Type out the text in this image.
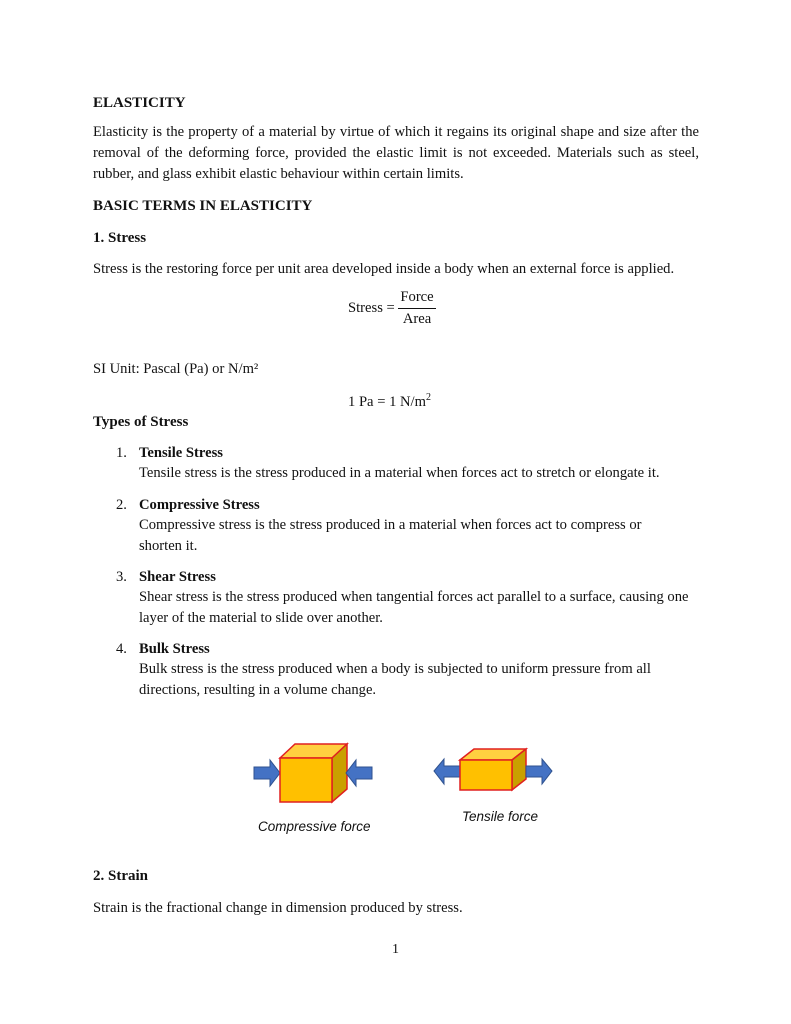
ELASTICITY
Elasticity is the property of a material by virtue of which it regains its original shape and size after the removal of the deforming force, provided the elastic limit is not exceeded. Materials such as steel, rubber, and glass exhibit elastic behaviour within certain limits.
BASIC TERMS IN ELASTICITY
1. Stress
Stress is the restoring force per unit area developed inside a body when an external force is applied.
Stress = $\frac{\text{Force}}{\text{Area}}$
SI Unit: Pascal (Pa) or N/m²
1 Pa = 1 $N/m^2$
Types of Stress
1. Tensile Stress
Tensile stress is the stress produced in a material when forces act to stretch or elongate it.
2. Compressive Stress
Compressive stress is the stress produced in a material when forces act to compress or shorten it.
3. Shear Stress
Shear stress is the stress produced when tangential forces act parallel to a surface, causing one layer of the material to slide over another.
4. Bulk Stress
Bulk stress is the stress produced when a body is subjected to uniform pressure from all directions, resulting in a volume change.
Compressive force
Tensile force
2. Strain
Strain is the fractional change in dimension produced by stress.
1
